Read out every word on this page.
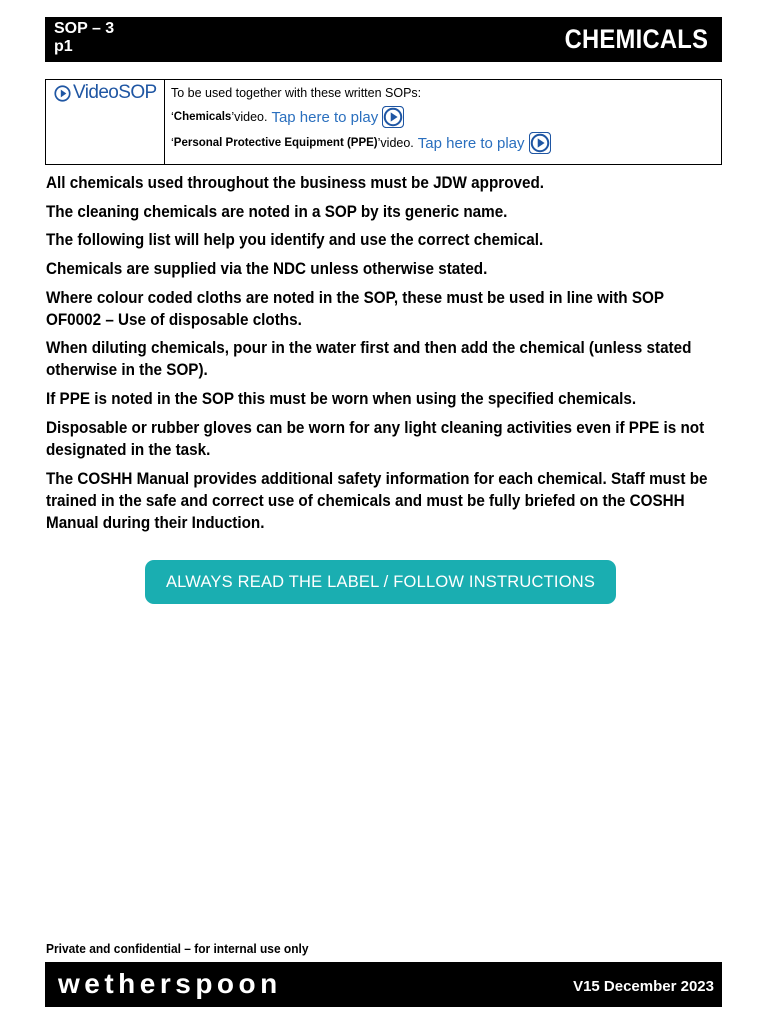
SOP – 3
p1	CHEMICALS
Video SOP To be used together with these written SOPs:
‘ Chemicals ’ video. Tap here to play
‘ Personal Protective Equipment (PPE) ’ video. Tap here to play

All chemicals used throughout the business must be JDW approved.

The cleaning chemicals are noted in a SOP by its generic name.

The following list will help you identify and use the correct chemical.

Chemicals are supplied via the NDC unless otherwise stated.

Where colour coded cloths are noted in the SOP, these must be used in line with SOP OF0002 – Use of disposable cloths.

When diluting chemicals, pour in the water first and then add the chemical (unless stated otherwise in the SOP).

If PPE is noted in the SOP this must be worn when using the specified chemicals.

Disposable or rubber gloves can be worn for any light cleaning activities even if PPE is not designated in the task.

The COSHH Manual provides additional safety information for each chemical. Staff must be trained in the safe and correct use of chemicals and must be fully briefed on the COSHH Manual during their Induction.

ALWAYS READ THE LABEL / FOLLOW INSTRUCTIONS
Private and confidential – for internal use only
wetherspoon	V15 December 2023
